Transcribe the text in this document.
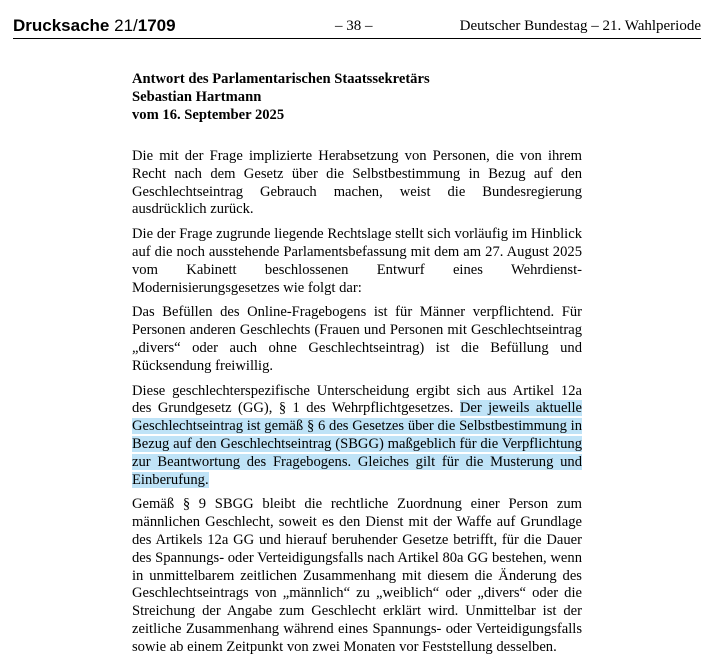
Drucksache 21/1709	– 38 –	Deutscher Bundestag – 21. Wahlperiode
Antwort des Parlamentarischen Staatssekretärs
Sebastian Hartmann
vom 16. September 2025

Die mit der Frage implizierte Herabsetzung von Personen, die von ihrem Recht nach dem Gesetz über die Selbstbestimmung in Bezug auf den Geschlechtseintrag Gebrauch machen, weist die Bundesregierung ausdrücklich zurück.

Die der Frage zugrunde liegende Rechtslage stellt sich vorläufig im Hinblick auf die noch ausstehende Parlamentsbefassung mit dem am 27. August 2025 vom Kabinett beschlossenen Entwurf eines Wehrdienst-Modernisierungsgesetzes wie folgt dar:

Das Befüllen des Online-Fragebogens ist für Männer verpflichtend. Für Personen anderen Geschlechts (Frauen und Personen mit Geschlechtseintrag „divers“ oder auch ohne Geschlechtseintrag) ist die Befüllung und Rücksendung freiwillig.

Diese geschlechterspezifische Unterscheidung ergibt sich aus Artikel 12a des Grundgesetz (GG), § 1 des Wehrpflichtgesetzes. Der jeweils aktuelle Geschlechtseintrag ist gemäß § 6 des Gesetzes über die Selbstbestimmung in Bezug auf den Geschlechtseintrag (SBGG) maßgeblich für die Verpflichtung zur Beantwortung des Fragebogens. Gleiches gilt für die Musterung und Einberufung.

Gemäß § 9 SBGG bleibt die rechtliche Zuordnung einer Person zum männlichen Geschlecht, soweit es den Dienst mit der Waffe auf Grundlage des Artikels 12a GG und hierauf beruhender Gesetze betrifft, für die Dauer des Spannungs- oder Verteidigungsfalls nach Artikel 80a GG bestehen, wenn in unmittelbarem zeitlichen Zusammenhang mit diesem die Änderung des Geschlechtseintrags von „männlich“ zu „weiblich“ oder „divers“ oder die Streichung der Angabe zum Geschlecht erklärt wird. Unmittelbar ist der zeitliche Zusammenhang während eines Spannungs- oder Verteidigungsfalls sowie ab einem Zeitpunkt von zwei Monaten vor Feststellung desselben.
